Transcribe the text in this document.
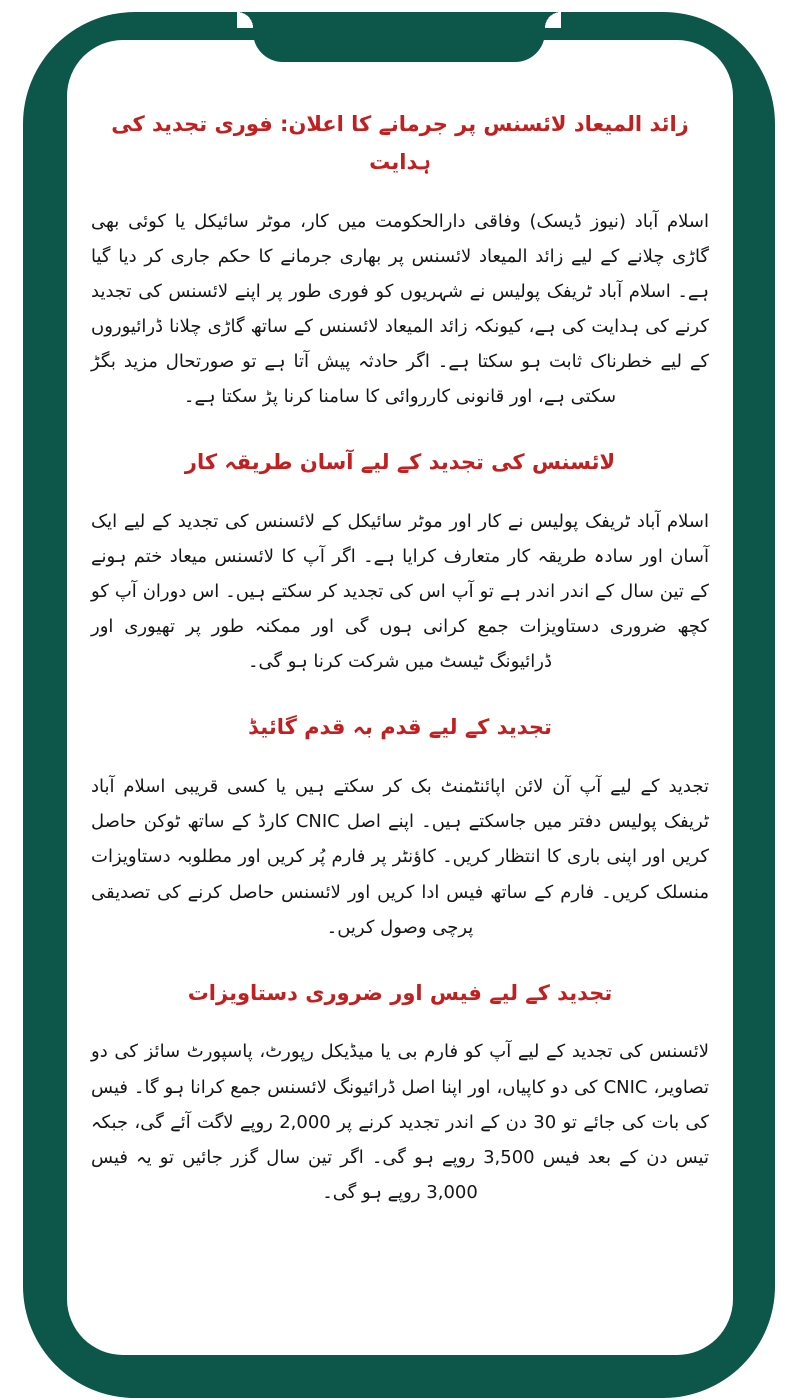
زائد المیعاد لائسنس پر جرمانے کا اعلان: فوری تجدید کی ہدایت

اسلام آباد (نیوز ڈیسک) وفاقی دارالحکومت میں کار، موٹر سائیکل یا کوئی بھی گاڑی چلانے کے لیے زائد المیعاد لائسنس پر بھاری جرمانے کا حکم جاری کر دیا گیا ہے۔ اسلام آباد ٹریفک پولیس نے شہریوں کو فوری طور پر اپنے لائسنس کی تجدید کرنے کی ہدایت کی ہے، کیونکہ زائد المیعاد لائسنس کے ساتھ گاڑی چلانا ڈرائیوروں کے لیے خطرناک ثابت ہو سکتا ہے۔ اگر حادثہ پیش آتا ہے تو صورتحال مزید بگڑ سکتی ہے، اور قانونی کارروائی کا سامنا کرنا پڑ سکتا ہے۔

لائسنس کی تجدید کے لیے آسان طریقہ کار

اسلام آباد ٹریفک پولیس نے کار اور موٹر سائیکل کے لائسنس کی تجدید کے لیے ایک آسان اور سادہ طریقہ کار متعارف کرایا ہے۔ اگر آپ کا لائسنس میعاد ختم ہونے کے تین سال کے اندر اندر ہے تو آپ اس کی تجدید کر سکتے ہیں۔ اس دوران آپ کو کچھ ضروری دستاویزات جمع کرانی ہوں گی اور ممکنہ طور پر تھیوری اور ڈرائیونگ ٹیسٹ میں شرکت کرنا ہو گی۔

تجدید کے لیے قدم بہ قدم گائیڈ

تجدید کے لیے آپ آن لائن اپائنٹمنٹ بک کر سکتے ہیں یا کسی قریبی اسلام آباد ٹریفک پولیس دفتر میں جاسکتے ہیں۔ اپنے اصل CNIC کارڈ کے ساتھ ٹوکن حاصل کریں اور اپنی باری کا انتظار کریں۔ کاؤنٹر پر فارم پُر کریں اور مطلوبہ دستاویزات منسلک کریں۔ فارم کے ساتھ فیس ادا کریں اور لائسنس حاصل کرنے کی تصدیقی پرچی وصول کریں۔

تجدید کے لیے فیس اور ضروری دستاویزات

لائسنس کی تجدید کے لیے آپ کو فارم بی یا میڈیکل رپورٹ، پاسپورٹ سائز کی دو تصاویر، CNIC کی دو کاپیاں، اور اپنا اصل ڈرائیونگ لائسنس جمع کرانا ہو گا۔ فیس کی بات کی جائے تو 30 دن کے اندر تجدید کرنے پر 2,000 روپے لاگت آئے گی، جبکہ تیس دن کے بعد فیس 3,500 روپے ہو گی۔ اگر تین سال گزر جائیں تو یہ فیس 3,000 روپے ہو گی۔
